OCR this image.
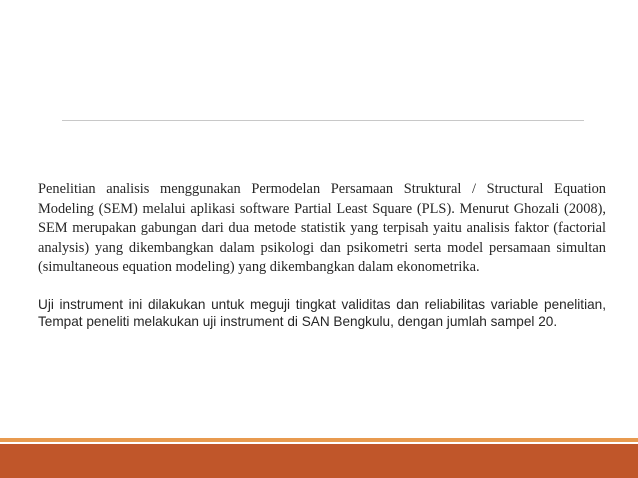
Penelitian analisis menggunakan Permodelan Persamaan Struktural / Structural Equation Modeling (SEM) melalui aplikasi software Partial Least Square (PLS). Menurut Ghozali (2008), SEM merupakan gabungan dari dua metode statistik yang terpisah yaitu analisis faktor (factorial analysis) yang dikembangkan dalam psikologi dan psikometri serta model persamaan simultan (simultaneous equation modeling) yang dikembangkan dalam ekonometrika.

Uji instrument ini dilakukan untuk meguji tingkat validitas dan reliabilitas variable penelitian, Tempat peneliti melakukan uji instrument di SAN Bengkulu, dengan jumlah sampel 20.
